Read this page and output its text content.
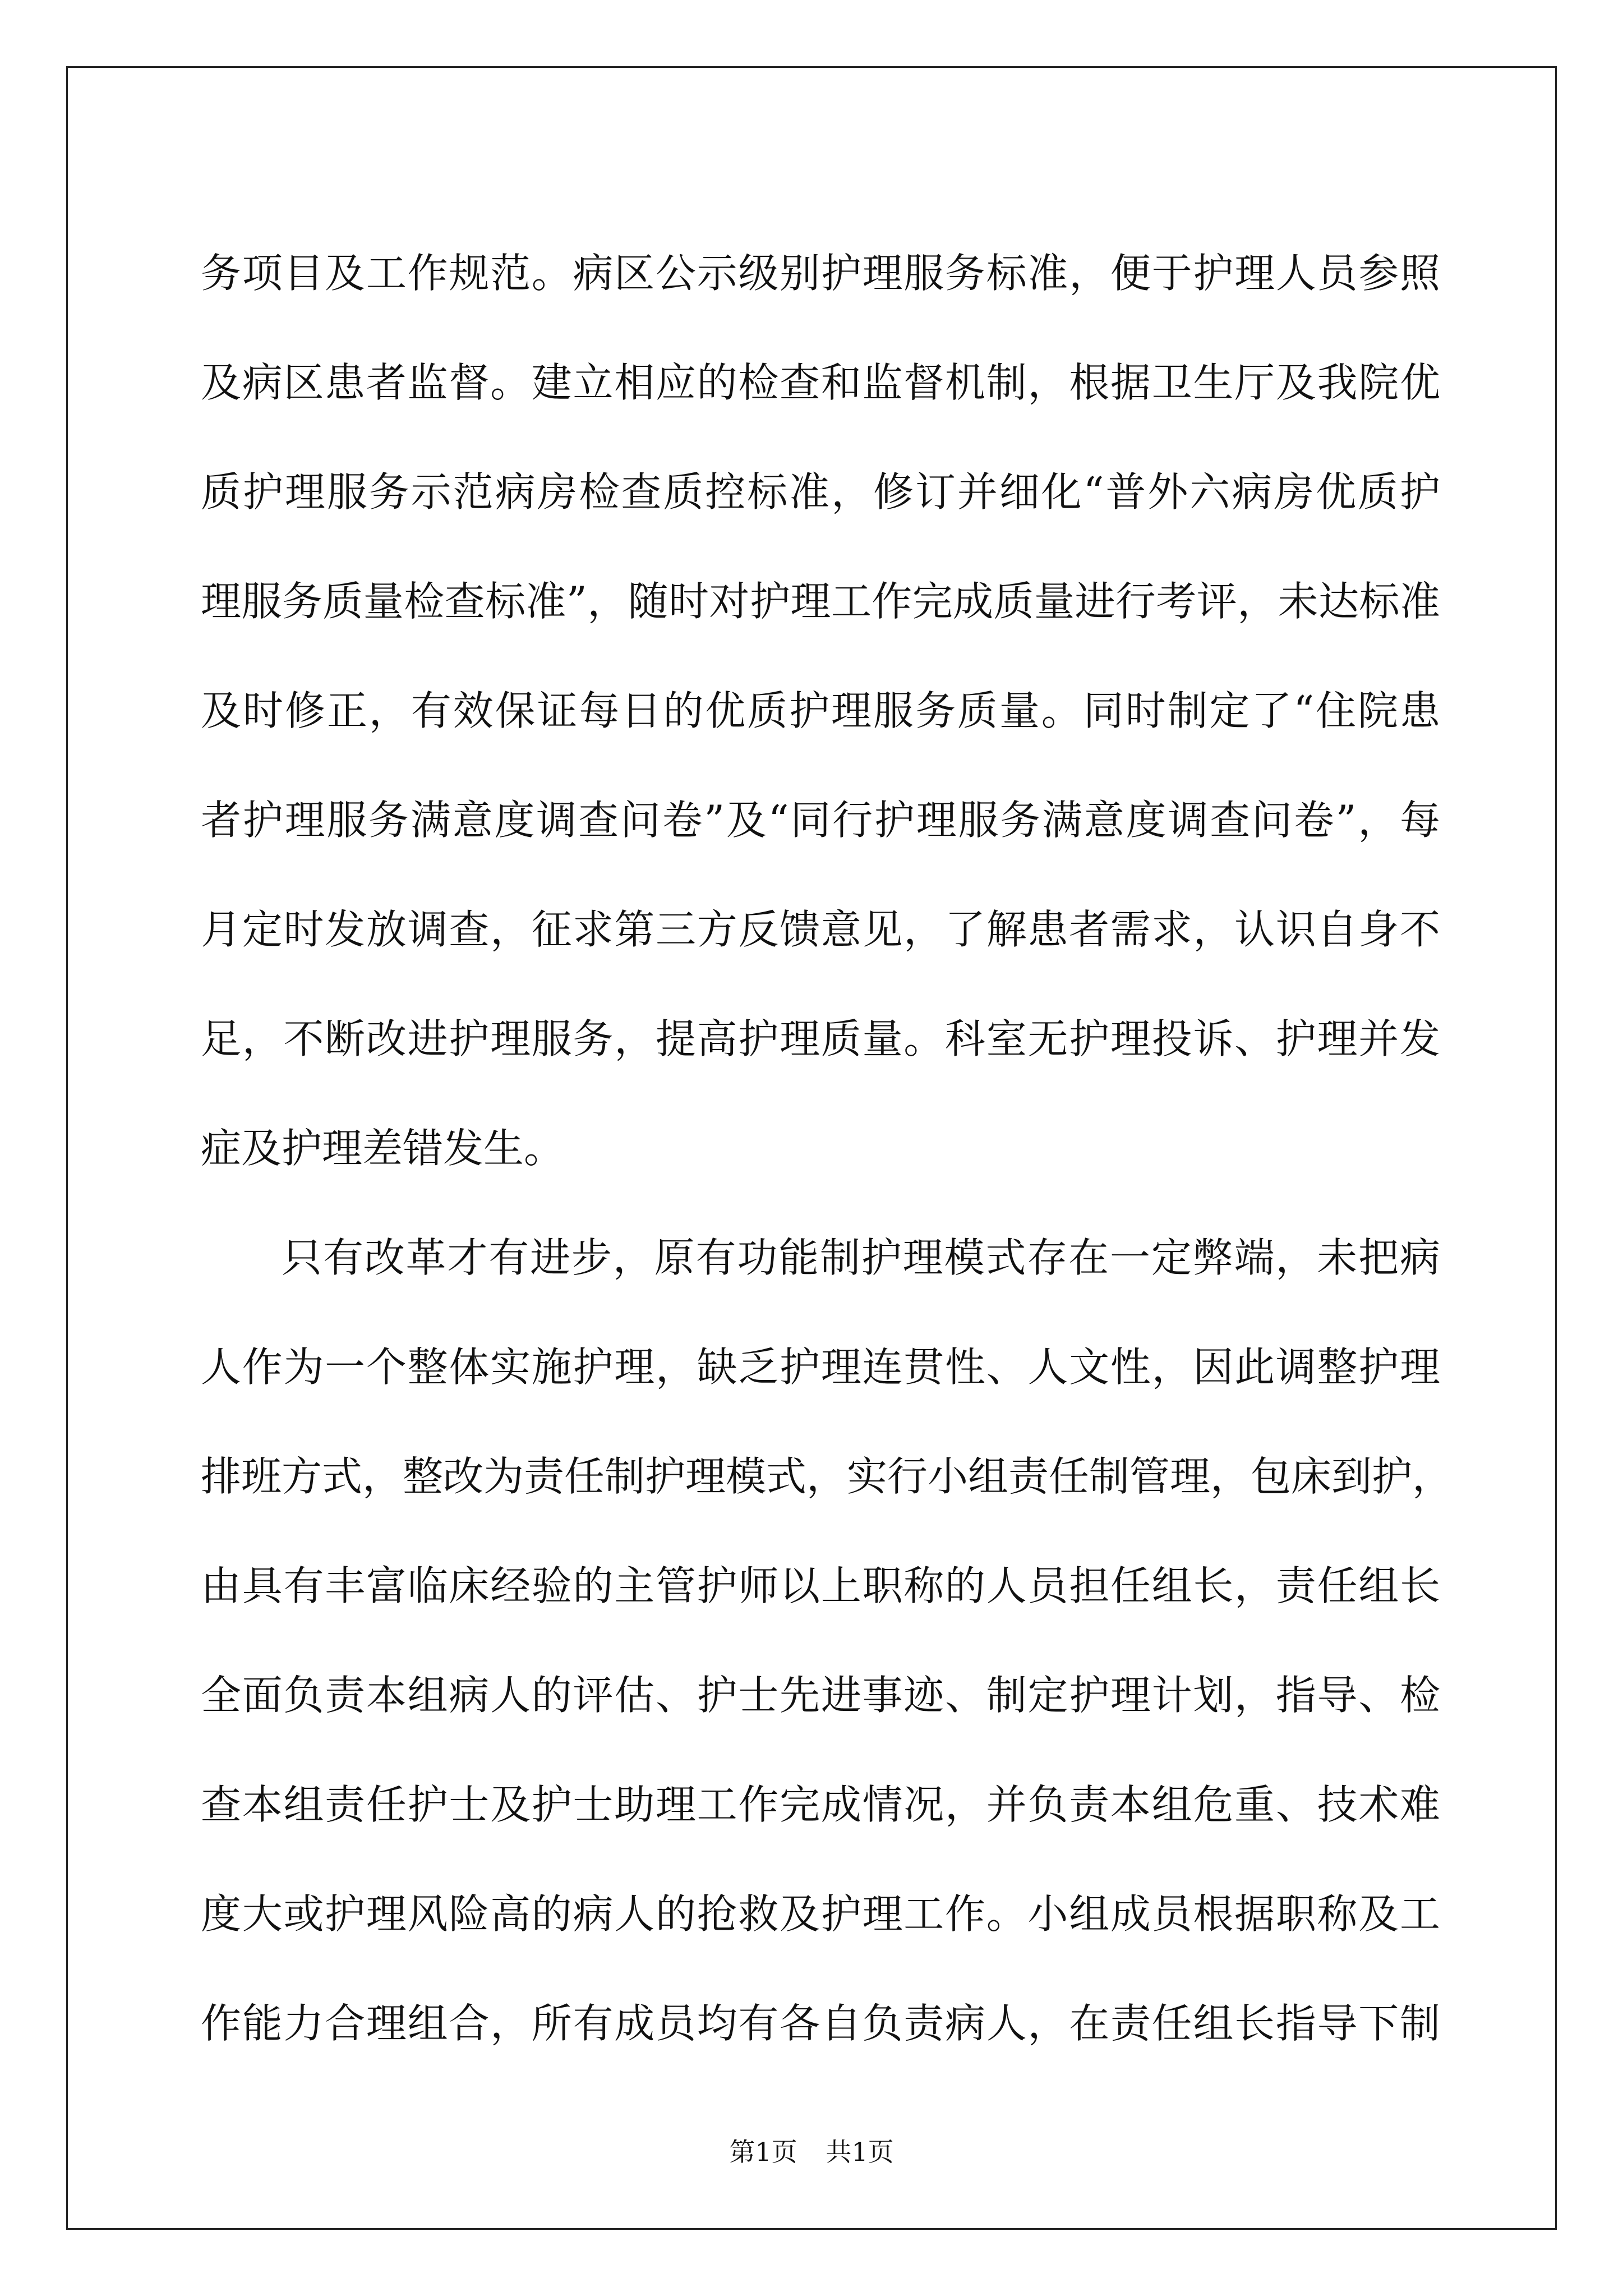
务项目及工作规范。病区公示级别护理服务标准，便于护理人员参照
及病区患者监督。建立相应的检查和监督机制，根据卫生厅及我院优
质护理服务示范病房检查质控标准，修订并细化“普外六病房优质护
理服务质量检查标准”，随时对护理工作完成质量进行考评，未达标准
及时修正，有效保证每日的优质护理服务质量。同时制定了“住院患
者护理服务满意度调查问卷”及“同行护理服务满意度调查问卷”，每
月定时发放调查，征求第三方反馈意见，了解患者需求，认识自身不
足，不断改进护理服务，提高护理质量。科室无护理投诉、护理并发
症及护理差错发生。
只有改革才有进步，原有功能制护理模式存在一定弊端，未把病
人作为一个整体实施护理，缺乏护理连贯性、人文性，因此调整护理
排班方式，整改为责任制护理模式，实行小组责任制管理，包床到护，
由具有丰富临床经验的主管护师以上职称的人员担任组长，责任组长
全面负责本组病人的评估、护士先进事迹、制定护理计划，指导、检
查本组责任护士及护士助理工作完成情况，并负责本组危重、技术难
度大或护理风险高的病人的抢救及护理工作。小组成员根据职称及工
作能力合理组合，所有成员均有各自负责病人，在责任组长指导下制
第1页 共1页
